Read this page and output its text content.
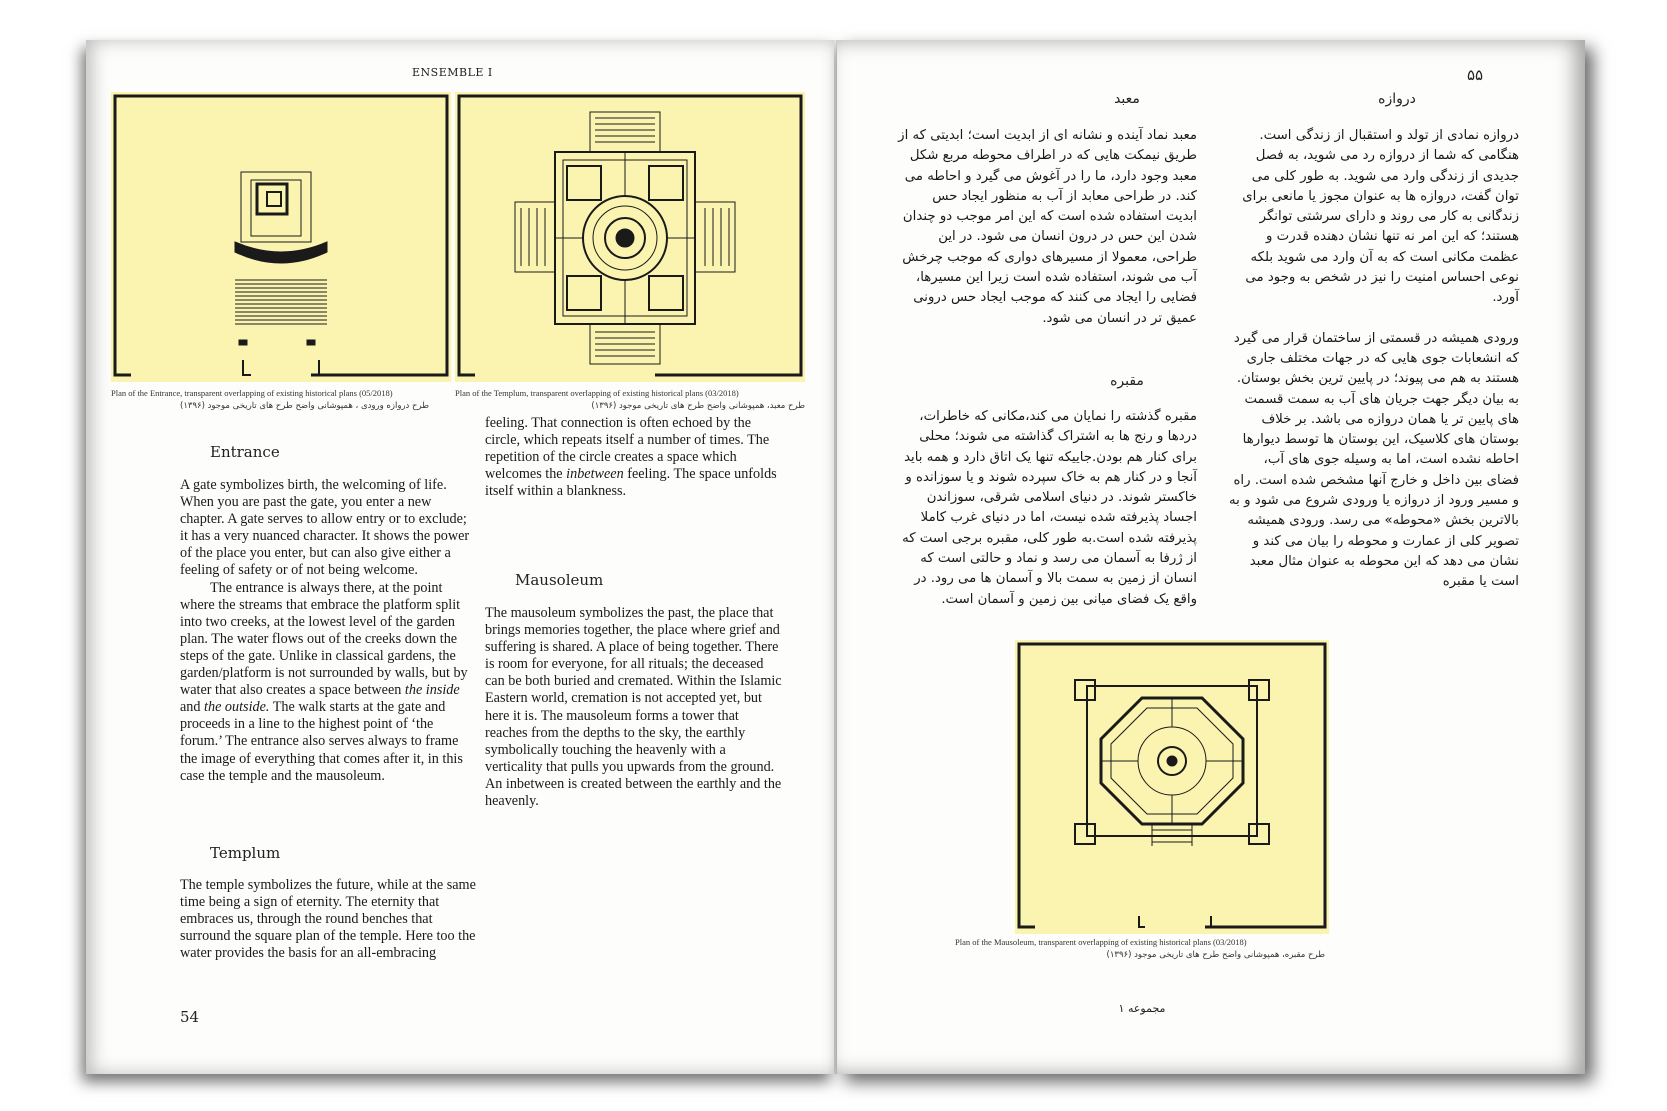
ENSEMBLE I
Plan of the Entrance, transparent overlapping of existing historical plans (05/2018)
طرح دروازه ورودی ، همپوشانی واضح طرح های تاریخی موجود (۱۳۹۶)
Plan of the Templum, transparent overlapping of existing historical plans (03/2018)
طرح معبد، همپوشانی واضح طرح های تاریخی موجود (۱۳۹۶)
Entrance

A gate symbolizes birth, the welcoming of life. When you are past the gate, you enter a new chapter. A gate serves to allow entry or to exclude; it has a very nuanced character. It shows the power of the place you enter, but can also give either a feeling of safety or of not being welcome.

The entrance is always there, at the point where the streams that embrace the platform split into two creeks, at the lowest level of the garden plan. The water flows out of the creeks down the steps of the gate. Unlike in classical gardens, the garden/platform is not surrounded by walls, but by water that also creates a space between the inside and the outside. The walk starts at the gate and proceeds in a line to the highest point of ‘the forum.’ The entrance also serves always to frame the image of everything that comes after it, in this case the temple and the mausoleum.

Templum

The temple symbolizes the future, while at the same time being a sign of eternity. The eternity that embraces us, through the round benches that surround the square plan of the temple. Here too the water provides the basis for an all-embracing

feeling. That connection is often echoed by the circle, which repeats itself a number of times. The repetition of the circle creates a space which welcomes the inbetween feeling. The space unfolds itself within a blankness.

Mausoleum

The mausoleum symbolizes the past, the place that brings memories together, the place where grief and suffering is shared. A place of being together. There is room for everyone, for all rituals; the deceased can be both buried and cremated. Within the Islamic Eastern world, cremation is not accepted yet, but here it is. The mausoleum forms a tower that reaches from the depths to the sky, the earthly symbolically touching the heavenly with a verticality that pulls you upwards from the ground. An inbetween is created between the earthly and the heavenly.

54
۵۵
دروازه

دروازه نمادی از تولد و استقبال از زندگی است. هنگامی که شما از دروازه رد می شوید، به فصل جدیدی از زندگی وارد می شوید. به طور کلی می توان گفت، دروازه ها به عنوان مجوز یا مانعی برای زندگانی به کار می روند و دارای سرشتی توانگر هستند؛ که این امر نه تنها نشان دهنده قدرت و عظمت مکانی است که به آن وارد می شوید بلکه نوعی احساس امنیت را نیز در شخص به وجود می آورد.

ورودی همیشه در قسمتی از ساختمان قرار می گیرد که انشعابات جوی هایی که در جهات مختلف جاری هستند به هم می پیوند؛ در پایین ترین بخش بوستان. به بیان دیگر جهت جریان های آب به سمت قسمت های پایین تر یا همان دروازه می باشد. بر خلاف بوستان های کلاسیک، این بوستان ها توسط دیوارها احاطه نشده است، اما به وسیله جوی های آب، فضای بین داخل و خارج آنها مشخص شده است. راه و مسیر ورود از دروازه یا ورودی شروع می شود و به بالاترین بخش «محوطه» می رسد. ورودی همیشه تصویر کلی از عمارت و محوطه را بیان می کند و نشان می دهد که این محوطه به عنوان مثال معبد است یا مقبره

معبد

معبد نماد آینده و نشانه ای از ابدیت است؛ ابدیتی که از طریق نیمکت هایی که در اطراف محوطه مربع شکل معبد وجود دارد، ما را در آغوش می گیرد و احاطه می کند. در طراحی معابد از آب به منظور ایجاد حس ابدیت استفاده شده است که این امر موجب دو چندان شدن این حس در درون انسان می شود. در این طراحی، معمولا از مسیرهای دواری که موجب چرخش آب می شوند، استفاده شده است زیرا این مسیرها، فضایی را ایجاد می کنند که موجب ایجاد حس درونی عمیق تر در انسان می شود.

مقبره

مقبره گذشته را نمایان می کند،مکانی که خاطرات، دردها و رنج ها به اشتراک گذاشته می شوند؛ محلی برای کنار هم بودن.جاییکه تنها یک اتاق دارد و همه باید آنجا و در کنار هم به خاک سپرده شوند و یا سوزانده و خاکستر شوند. در دنیای اسلامی شرقی، سوزاندن اجساد پذیرفته شده نیست، اما در دنیای غرب کاملا پذیرفته شده است.به طور کلی، مقبره برجی است که از ژرفا به آسمان می رسد و نماد و حالتی است که انسان از زمین به سمت بالا و آسمان ها می رود. در واقع یک فضای میانی بین زمین و آسمان است.

Plan of the Mausoleum, transparent overlapping of existing historical plans (03/2018)
طرح مقبره، همپوشانی واضح طرح های تاریخی موجود (۱۳۹۶)
مجموعه ۱
